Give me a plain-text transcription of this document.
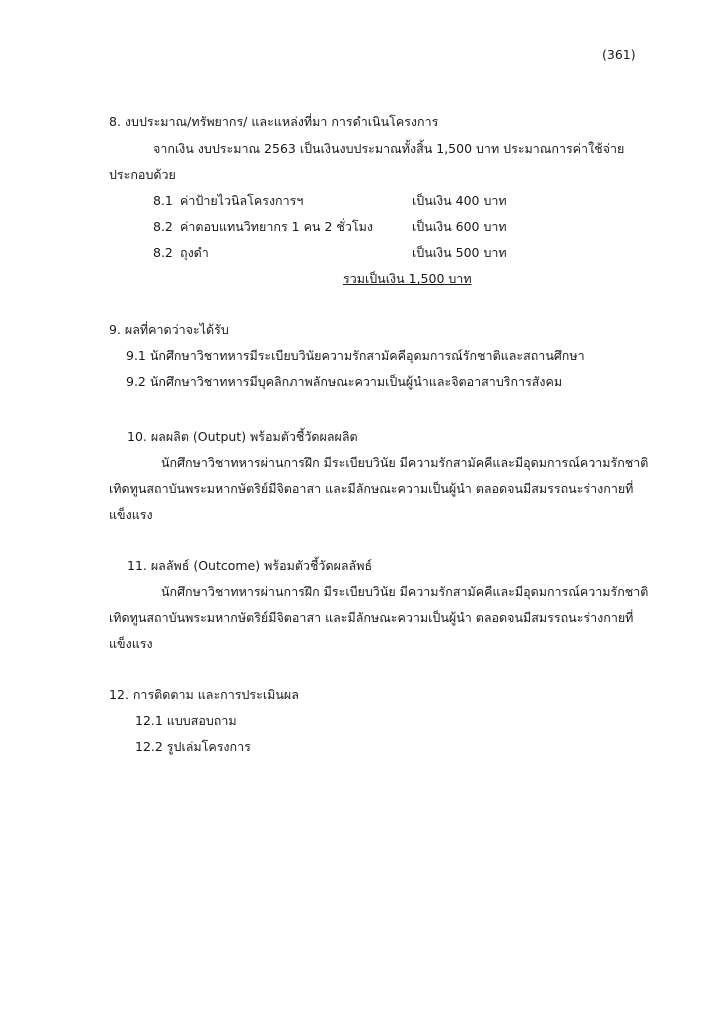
(361)
8. งบประมาณ/ทรัพยากร/ และแหล่งที่มา การดำเนินโครงการ
จากเงิน งบประมาณ 2563 เป็นเงินงบประมาณทั้งสิ้น 1,500 บาท ประมาณการค่าใช้จ่าย
ประกอบด้วย
8.1 ค่าป้ายไวนิลโครงการฯ	เป็นเงิน 400 บาท
8.2 ค่าตอบแทนวิทยากร 1 คน 2 ชั่วโมง	เป็นเงิน 600 บาท
8.2 ถุงดำ	เป็นเงิน 500 บาท
รวมเป็นเงิน 1,500 บาท
9. ผลที่คาดว่าจะได้รับ
9.1 นักศึกษาวิชาทหารมีระเบียบวินัยความรักสามัคคีอุดมการณ์รักชาติและสถานศึกษา
9.2 นักศึกษาวิชาทหารมีบุคลิกภาพลักษณะความเป็นผู้นำและจิตอาสาบริการสังคม
10. ผลผลิต (Output) พร้อมตัวชี้วัดผลผลิต
นักศึกษาวิชาทหารผ่านการฝึก มีระเบียบวินัย มีความรักสามัคคีและมีอุดมการณ์ความรักชาติ
เทิดทูนสถาบันพระมหากษัตริย์มีจิตอาสา และมีลักษณะความเป็นผู้นำ ตลอดจนมีสมรรถนะร่างกายที่
แข็งแรง
11. ผลลัพธ์ (Outcome) พร้อมตัวชี้วัดผลลัพธ์
นักศึกษาวิชาทหารผ่านการฝึก มีระเบียบวินัย มีความรักสามัคคีและมีอุดมการณ์ความรักชาติ
เทิดทูนสถาบันพระมหากษัตริย์มีจิตอาสา และมีลักษณะความเป็นผู้นำ ตลอดจนมีสมรรถนะร่างกายที่
แข็งแรง
12. การติดตาม และการประเมินผล
12.1 แบบสอบถาม
12.2 รูปเล่มโครงการ
